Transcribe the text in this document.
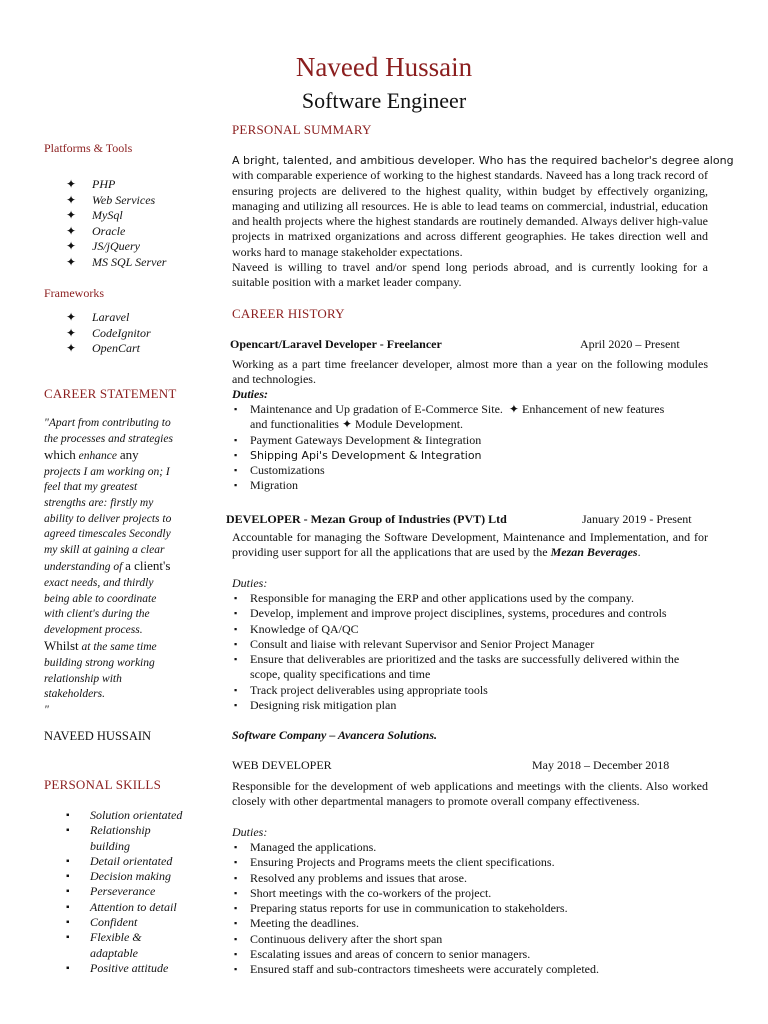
Naveed Hussain
Software Engineer
Platforms & Tools
✦ PHP
✦ Web Services
✦ MySql
✦ Oracle
✦ JS/jQuery
✦ MS SQL Server
Frameworks
✦ Laravel
✦ CodeIgnitor
✦ OpenCart
CAREER STATEMENT
"Apart from contributing to
the processes and strategies
which enhance any
projects I am working on; I
feel that my greatest
strengths are: firstly my
ability to deliver projects to
agreed timescales Secondly
my skill at gaining a clear
understanding of a client's
exact needs, and thirdly
being able to coordinate
with client's during the
development process.
Whilst at the same time
building strong working
relationship with
stakeholders.
"
NAVEED HUSSAIN
PERSONAL SKILLS
▪ Solution orientated
▪ Relationship
building
▪ Detail orientated
▪ Decision making
▪ Perseverance
▪ Attention to detail
▪ Confident
▪ Flexible &
adaptable
▪ Positive attitude
PERSONAL SUMMARY
A bright, talented, and ambitious developer. Who has the required bachelor's degree along
with comparable experience of working to the highest standards. Naveed has a long track record of ensuring projects are delivered to the highest quality, within budget by effectively organizing, managing and utilizing all resources. He is able to lead teams on commercial, industrial, education and health projects where the highest standards are routinely demanded. Always deliver high-value projects in matrixed organizations and across different geographies. He takes direction well and works hard to manage stakeholder expectations.
Naveed is willing to travel and/or spend long periods abroad, and is currently looking for a suitable position with a market leader company.
CAREER HISTORY
Opencart/Laravel Developer - Freelancer	April 2020 – Present
Working as a part time freelancer developer, almost more than a year on the following modules and technologies.
Duties:
▪ Maintenance and Up gradation of E-Commerce Site. ✦ Enhancement of new features
and functionalities ✦ Module Development.
▪ Payment Gateways Development & Iintegration
▪ Shipping Api's Development & Integration
▪ Customizations
▪ Migration
DEVELOPER - Mezan Group of Industries (PVT) Ltd	January 2019 - Present
Accountable for managing the Software Development, Maintenance and Implementation, and for providing user support for all the applications that are used by the Mezan Beverages.
Duties:
▪ Responsible for managing the ERP and other applications used by the company.
▪ Develop, implement and improve project disciplines, systems, procedures and controls
▪ Knowledge of QA/QC
▪ Consult and liaise with relevant Supervisor and Senior Project Manager
▪ Ensure that deliverables are prioritized and the tasks are successfully delivered within the
scope, quality specifications and time
▪ Track project deliverables using appropriate tools
▪ Designing risk mitigation plan
Software Company – Avancera Solutions.
WEB DEVELOPER	May 2018 – December 2018
Responsible for the development of web applications and meetings with the clients. Also worked closely with other departmental managers to promote overall company effectiveness.
Duties:
▪ Managed the applications.
▪ Ensuring Projects and Programs meets the client specifications.
▪ Resolved any problems and issues that arose.
▪ Short meetings with the co-workers of the project.
▪ Preparing status reports for use in communication to stakeholders.
▪ Meeting the deadlines.
▪ Continuous delivery after the short span
▪ Escalating issues and areas of concern to senior managers.
▪ Ensured staff and sub-contractors timesheets were accurately completed.
